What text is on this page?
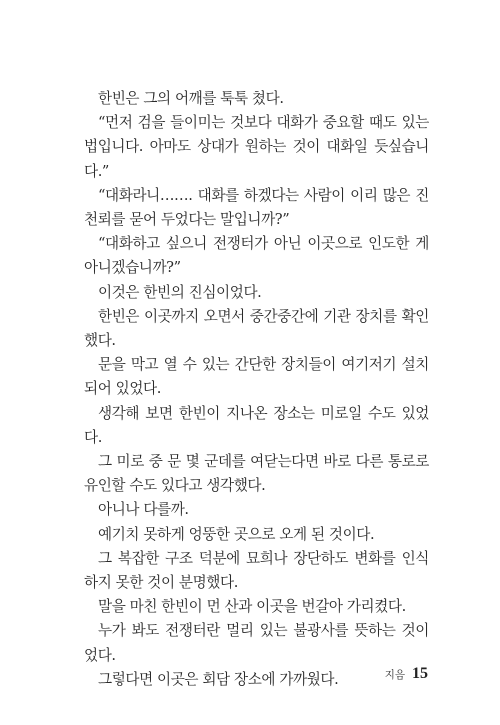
한빈은 그의 어깨를 툭툭 쳤다.

“먼저 검을 들이미는 것보다 대화가 중요할 때도 있는 법입니다. 아마도 상대가 원하는 것이 대화일 듯싶습니다.”

“대화라니……. 대화를 하겠다는 사람이 이리 많은 진천뢰를 묻어 두었다는 말입니까?”

“대화하고 싶으니 전쟁터가 아닌 이곳으로 인도한 게 아니겠습니까?”

이것은 한빈의 진심이었다.

한빈은 이곳까지 오면서 중간중간에 기관 장치를 확인했다.

문을 막고 열 수 있는 간단한 장치들이 여기저기 설치되어 있었다.

생각해 보면 한빈이 지나온 장소는 미로일 수도 있었다.

그 미로 중 문 몇 군데를 여닫는다면 바로 다른 통로로 유인할 수도 있다고 생각했다.

아니나 다를까.

예기치 못하게 엉뚱한 곳으로 오게 된 것이다.

그 복잡한 구조 덕분에 묘희나 장단하도 변화를 인식하지 못한 것이 분명했다.

말을 마친 한빈이 먼 산과 이곳을 번갈아 가리켰다.

누가 봐도 전쟁터란 멀리 있는 불광사를 뜻하는 것이었다.

그렇다면 이곳은 회담 장소에 가까웠다.	지음 15
